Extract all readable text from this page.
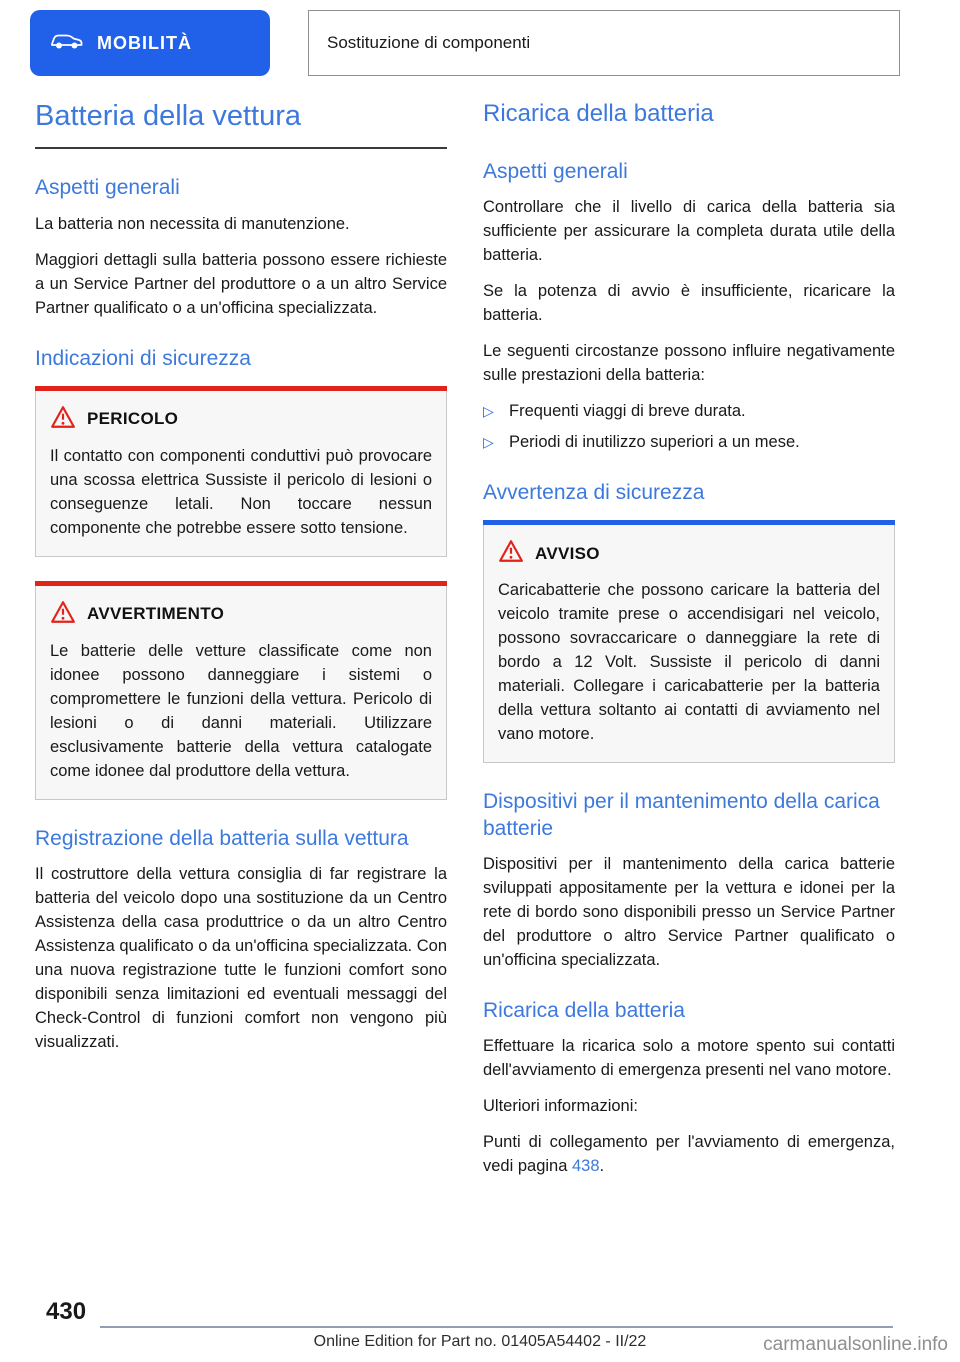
MOBILITÀ	Sostituzione di componenti
Batteria della vettura
Aspetti generali

La batteria non necessita di manutenzione.

Maggiori dettagli sulla batteria possono essere richieste a un Service Partner del produttore o a un altro Service Partner qualificato o a un'officina specializzata.

Indicazioni di sicurezza
PERICOLO

Il contatto con componenti conduttivi può provocare una scossa elettrica Sussiste il pericolo di lesioni o conseguenze letali. Non toccare nessun componente che potrebbe essere sotto tensione.

AVVERTIMENTO

Le batterie delle vetture classificate come non idonee possono danneggiare i sistemi o compromettere le funzioni della vettura. Pericolo di lesioni o di danni materiali. Utilizzare esclusivamente batterie della vettura catalogate come idonee dal produttore della vettura.

Registrazione della batteria sulla vettura

Il costruttore della vettura consiglia di far registrare la batteria del veicolo dopo una sostituzione da un Centro Assistenza della casa produttrice o da un altro Centro Assistenza qualificato o da un'officina specializzata. Con una nuova registrazione tutte le funzioni comfort sono disponibili senza limitazioni ed eventuali messaggi del Check-Control di funzioni comfort non vengono più visualizzati.

Ricarica della batteria
Aspetti generali

Controllare che il livello di carica della batteria sia sufficiente per assicurare la completa durata utile della batteria.

Se la potenza di avvio è insufficiente, ricaricare la batteria.

Le seguenti circostanze possono influire negativamente sulle prestazioni della batteria:

▷ Frequenti viaggi di breve durata.
▷ Periodi di inutilizzo superiori a un mese.
Avvertenza di sicurezza
AVVISO

Caricabatterie che possono caricare la batteria del veicolo tramite prese o accendisigari nel veicolo, possono sovraccaricare o danneggiare la rete di bordo a 12 Volt. Sussiste il pericolo di danni materiali. Collegare i caricabatterie per la batteria della vettura soltanto ai contatti di avviamento nel vano motore.

Dispositivi per il mantenimento della carica batterie

Dispositivi per il mantenimento della carica batterie sviluppati appositamente per la vettura e idonei per la rete di bordo sono disponibili presso un Service Partner del produttore o altro Service Partner qualificato o un'officina specializzata.

Ricarica della batteria

Effettuare la ricarica solo a motore spento sui contatti dell'avviamento di emergenza presenti nel vano motore.

Ulteriori informazioni:

Punti di collegamento per l'avviamento di emergenza, vedi pagina 438.

430
Online Edition for Part no. 01405A54402 - II/22	carmanualsonline.info
